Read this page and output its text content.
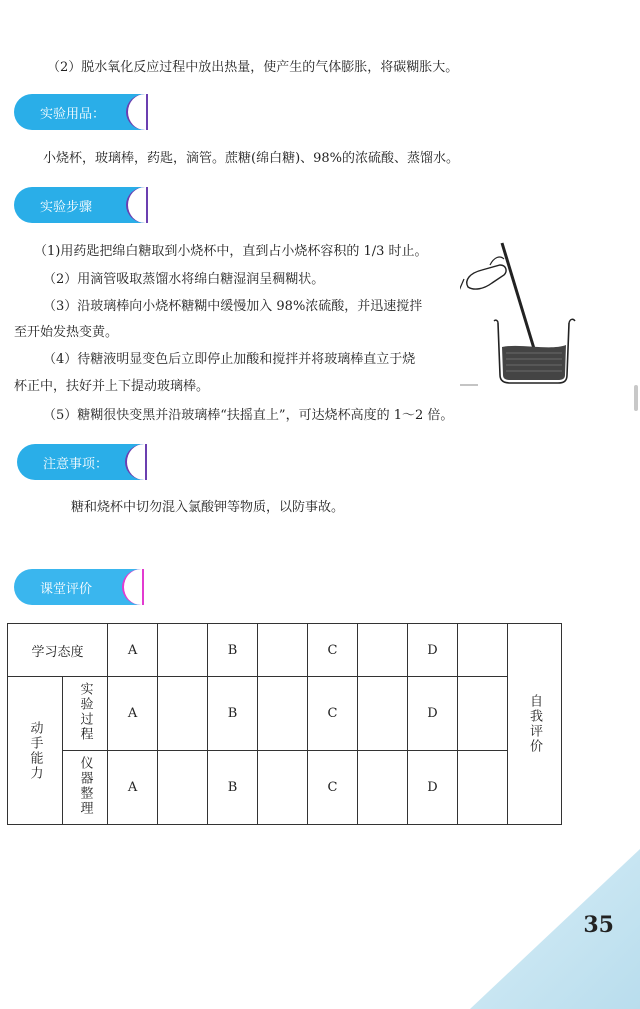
（2）脱水氧化反应过程中放出热量，使产生的气体膨胀，将碳糊胀大。
实验用品：
小烧杯，玻璃棒，药匙，滴管。蔗糖(绵白糖)、98%的浓硫酸、蒸馏水。
实验步骤
（1)用药匙把绵白糖取到小烧杯中，直到占小烧杯容积的 1/3 时止。
（2）用滴管吸取蒸馏水将绵白糖湿润呈稠糊状。
（3）沿玻璃棒向小烧杯糖糊中缓慢加入 98%浓硫酸，并迅速搅拌
至开始发热变黄。
（4）待糖液明显变色后立即停止加酸和搅拌并将玻璃棒直立于烧
杯正中，扶好并上下提动玻璃棒。
（5）糖糊很快变黑并沿玻璃棒“扶摇直上”，可达烧杯高度的 1～2 倍。
注意事项：
糖和烧杯中切勿混入氯酸钾等物质，以防事故。
课堂评价
学习态度		A		B		C		D		自我评价

动手能力	实验过程	A		B		C		D		
	仪器整理	A		B		C		D		
35
